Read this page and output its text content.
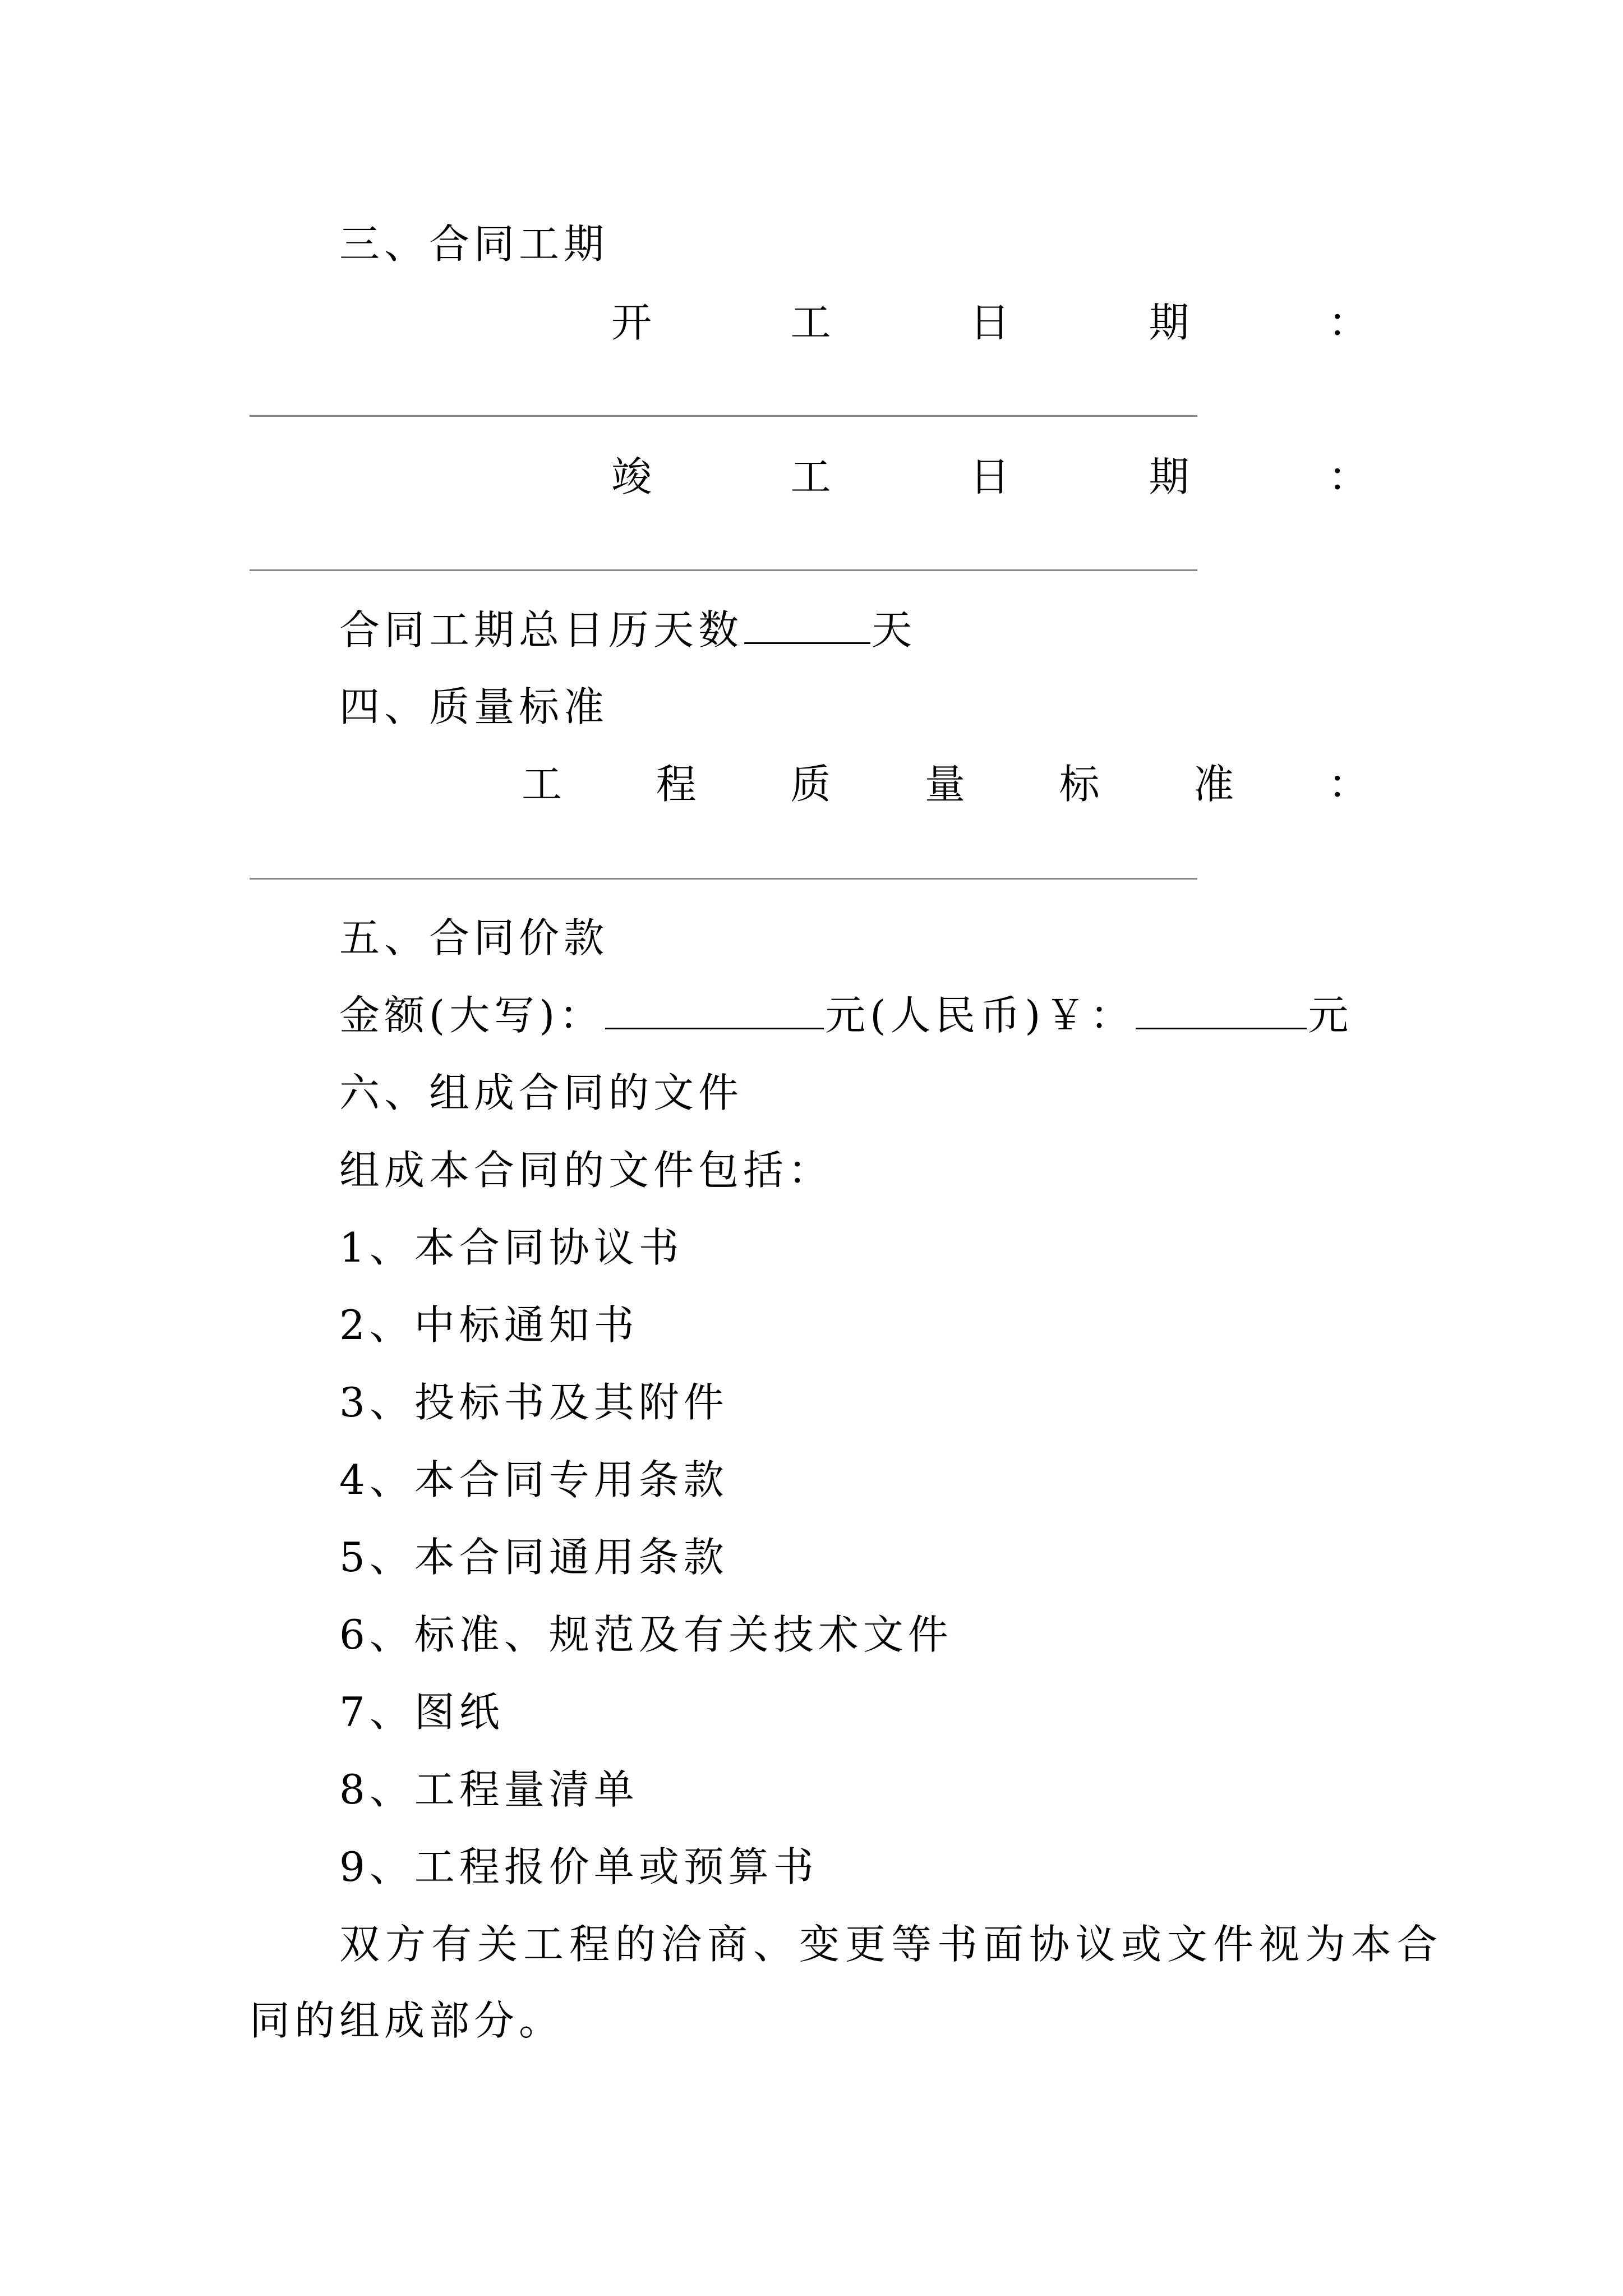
三、合同工期
开	工	日	期	：
竣	工	日	期	：
合同工期总日历天数	天
四、质量标准
工 程 质 量 标 准 ：
五、合同价款
金额(大写)：	元(人民币)￥：	元
六、组成合同的文件
组成本合同的文件包括：
1、本合同协议书
2、中标通知书
3、投标书及其附件
4、本合同专用条款
5、本合同通用条款
6、标准、规范及有关技术文件
7、图纸
8、工程量清单
9、工程报价单或预算书
双方有关工程的洽商、变更等书面协议或文件视为本合
同的组成部分。
